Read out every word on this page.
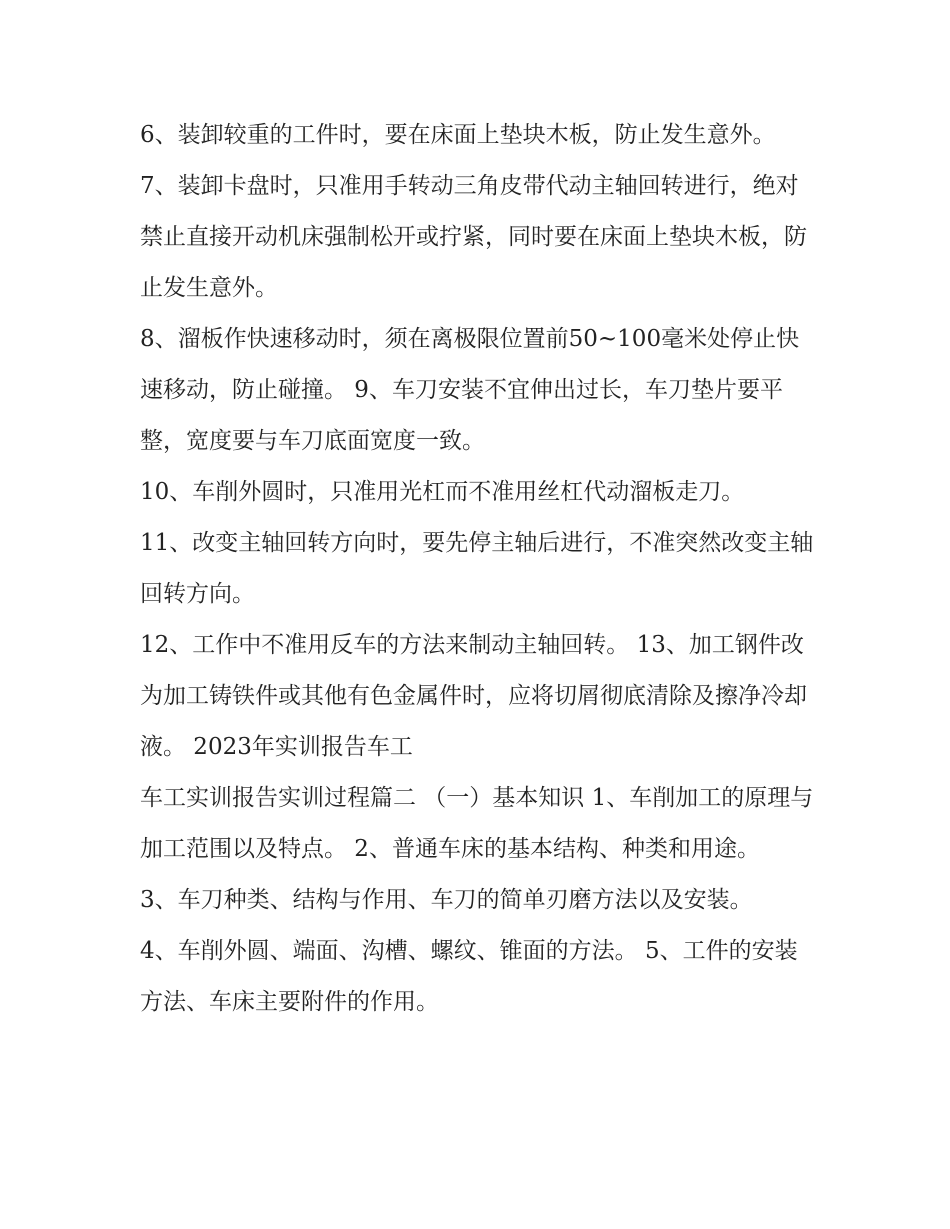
6、装卸较重的工件时，要在床面上垫块木板，防止发生意外。

7、装卸卡盘时，只准用手转动三角皮带代动主轴回转进行，绝对禁止直接开动机床强制松开或拧紧，同时要在床面上垫块木板，防止发生意外。

8、溜板作快速移动时，须在离极限位置前50~100毫米处停止快速移动，防止碰撞。 9、车刀安装不宜伸出过长，车刀垫片要平整，宽度要与车刀底面宽度一致。

10、车削外圆时，只准用光杠而不准用丝杠代动溜板走刀。

11、改变主轴回转方向时，要先停主轴后进行，不准突然改变主轴回转方向。

12、工作中不准用反车的方法来制动主轴回转。 13、加工钢件改为加工铸铁件或其他有色金属件时，应将切屑彻底清除及擦净冷却液。 2023年实训报告车工

车工实训报告实训过程篇二 （一）基本知识 1、车削加工的原理与加工范围以及特点。 2、普通车床的基本结构、种类和用途。

3、车刀种类、结构与作用、车刀的简单刃磨方法以及安装。

4、车削外圆、端面、沟槽、螺纹、锥面的方法。 5、工件的安装方法、车床主要附件的作用。
